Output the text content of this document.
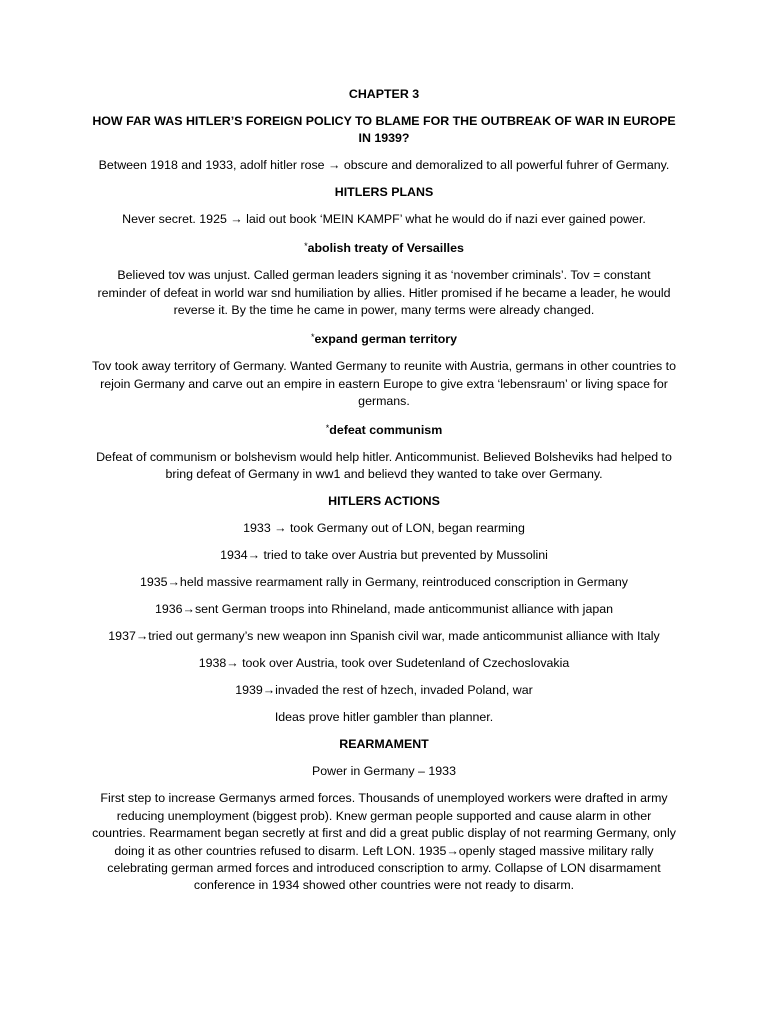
CHAPTER 3

HOW FAR WAS HITLER’S FOREIGN POLICY TO BLAME FOR THE OUTBREAK OF WAR IN EUROPE IN 1939?

Between 1918 and 1933, adolf hitler rose → obscure and demoralized to all powerful fuhrer of Germany.

HITLERS PLANS

Never secret. 1925 → laid out book ‘MEIN KAMPF’ what he would do if nazi ever gained power.

*abolish treaty of Versailles

Believed tov was unjust. Called german leaders signing it as ‘november criminals’. Tov = constant reminder of defeat in world war snd humiliation by allies. Hitler promised if he became a leader, he would reverse it. By the time he came in power, many terms were already changed.

*expand german territory

Tov took away territory of Germany. Wanted Germany to reunite with Austria, germans in other countries to rejoin Germany and carve out an empire in eastern Europe to give extra ‘lebensraum’ or living space for germans.

*defeat communism

Defeat of communism or bolshevism would help hitler. Anticommunist. Believed Bolsheviks had helped to bring defeat of Germany in ww1 and believd they wanted to take over Germany.

HITLERS ACTIONS

1933 → took Germany out of LON, began rearming

1934→ tried to take over Austria but prevented by Mussolini

1935→held massive rearmament rally in Germany, reintroduced conscription in Germany

1936→sent German troops into Rhineland, made anticommunist alliance with japan

1937→tried out germany’s new weapon inn Spanish civil war, made anticommunist alliance with Italy

1938→ took over Austria, took over Sudetenland of Czechoslovakia

1939→invaded the rest of hzech, invaded Poland, war

Ideas prove hitler gambler than planner.

REARMAMENT

Power in Germany – 1933

First step to increase Germanys armed forces. Thousands of unemployed workers were drafted in army reducing unemployment (biggest prob). Knew german people supported and cause alarm in other countries. Rearmament began secretly at first and did a great public display of not rearming Germany, only doing it as other countries refused to disarm. Left LON. 1935→openly staged massive military rally celebrating german armed forces and introduced conscription to army. Collapse of LON disarmament conference in 1934 showed other countries were not ready to disarm.
